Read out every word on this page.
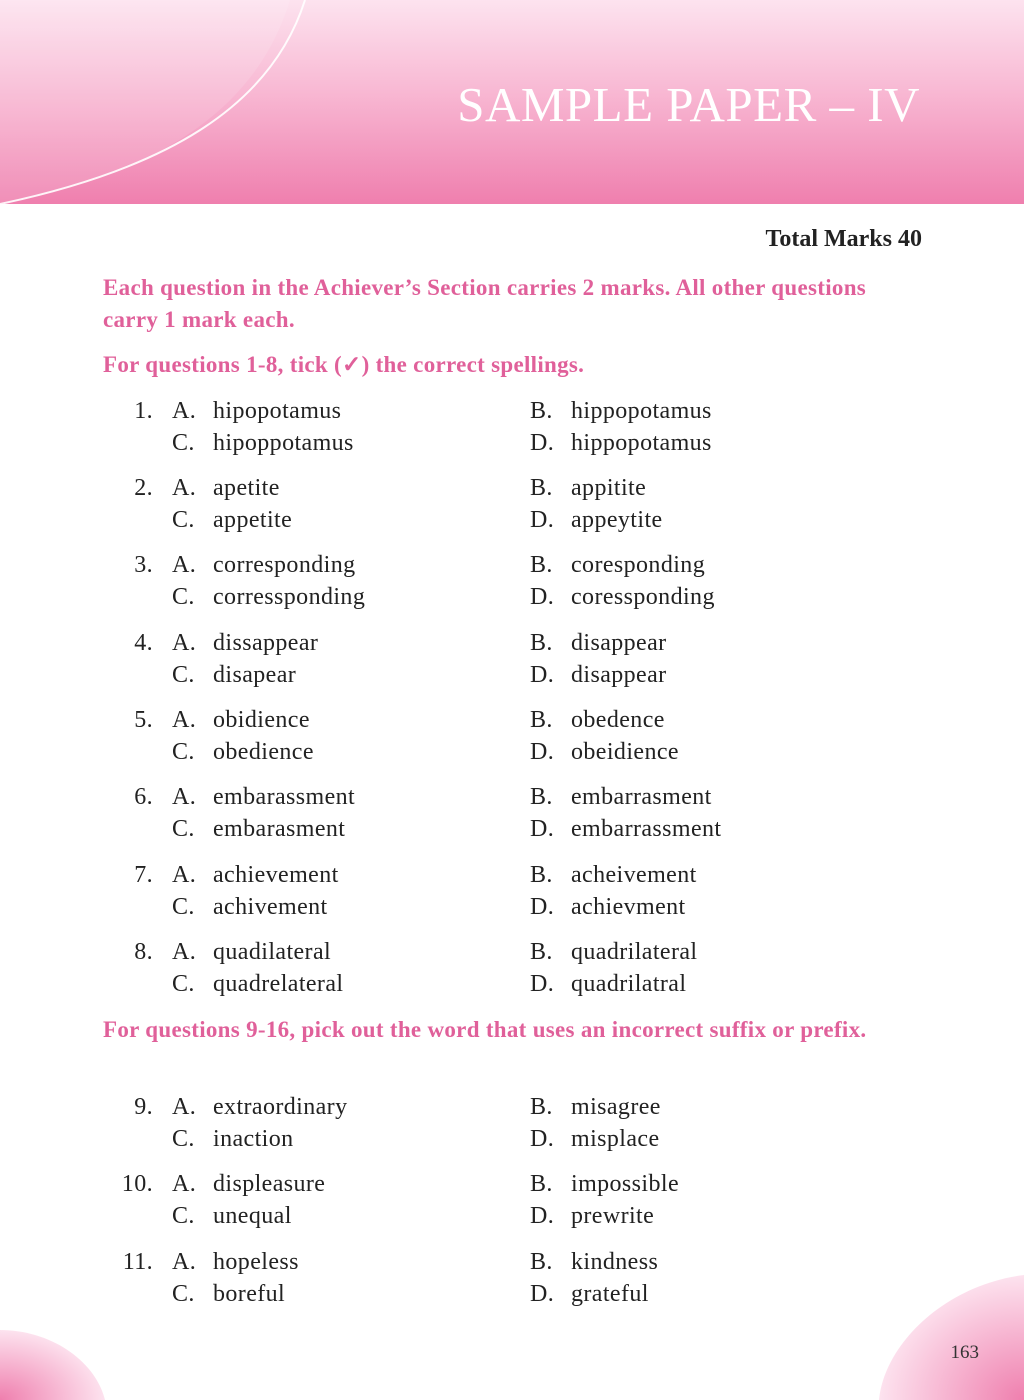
SAMPLE PAPER – IV
Total Marks 40
Each question in the Achiever’s Section carries 2 marks. All other questions carry 1 mark each.
For questions 1-8, tick (✓) the correct spellings.
1. A. hipopotamus	B. hippopotamus
C. hipoppotamus	D. hippopotamus
2. A. apetite	B. appitite
C. appetite	D. appeytite
3. A. corresponding	B. coresponding
C. corressponding	D. coressponding
4. A. dissappear	B. disappear
C. disapear	D. disappear
5. A. obidience	B. obedence
C. obedience	D. obeidience
6. A. embarassment	B. embarrasment
C. embarasment	D. embarrassment
7. A. achievement	B. acheivement
C. achivement	D. achievment
8. A. quadilateral	B. quadrilateral
C. quadrelateral	D. quadrilatral
For questions 9-16, pick out the word that uses an incorrect suffix or prefix.
9. A. extraordinary	B. misagree
C. inaction	D. misplace
10. A. displeasure	B. impossible
C. unequal	D. prewrite
11. A. hopeless	B. kindness
C. boreful	D. grateful
163
